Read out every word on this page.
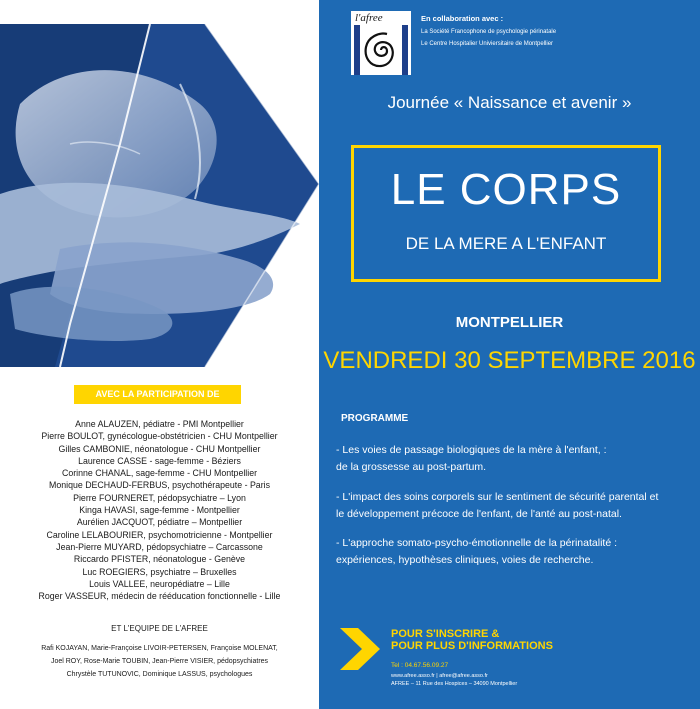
AVEC LA PARTICIPATION DE
Anne ALAUZEN, pédiatre - PMI Montpellier
Pierre BOULOT, gynécologue-obstétricien - CHU Montpellier
Gilles CAMBONIE, néonatologue - CHU Montpellier
Laurence CASSE - sage-femme - Béziers
Corinne CHANAL, sage-femme - CHU Montpellier
Monique DECHAUD-FERBUS, psychothérapeute - Paris
Pierre FOURNERET, pédopsychiatre – Lyon
Kinga HAVASI, sage-femme - Montpellier
Aurélien JACQUOT, pédiatre – Montpellier
Caroline LELABOURIER, psychomotricienne - Montpellier
Jean-Pierre MUYARD, pédopsychiatre – Carcassone
Riccardo PFISTER, néonatologue - Genève
Luc ROEGIERS, psychiatre – Bruxelles
Louis VALLEE, neuropédiatre – Lille
Roger VASSEUR, médecin de rééducation fonctionnelle - Lille
ET L'EQUIPE DE L'AFREE
Rafi KOJAYAN, Marie-Françoise LIVOIR-PETERSEN, Françoise MOLENAT,
Joel ROY, Rose-Marie TOUBIN, Jean-Pierre VISIER, pédopsychiatres
Chrystèle TUTUNOVIC, Dominique LASSUS, psychologues
l'afree	En collaboration avec :
La Société Francophone de psychologie périnatale
Le Centre Hospitalier Univiersitaire de Montpellier
Journée « Naissance et avenir »
LE CORPS
DE LA MERE A L'ENFANT
MONTPELLIER
VENDREDI 30 SEPTEMBRE 2016
PROGRAMME
- Les voies de passage biologiques de la mère à l'enfant, :
de la grossesse au post-partum.
- L'impact des soins corporels sur le sentiment de sécurité parental et
le développement précoce de l'enfant, de l'anté au post-natal.
- L'approche somato-psycho-émotionnelle de la périnatalité :
expériences, hypothèses cliniques, voies de recherche.
POUR S'INSCRIRE &
POUR PLUS D'INFORMATIONS
Tel : 04.67.56.09.27
www.afree.asso.fr | afree@afree.asso.fr
AFREE – 11 Rue des Hospices – 34090 Montpellier
